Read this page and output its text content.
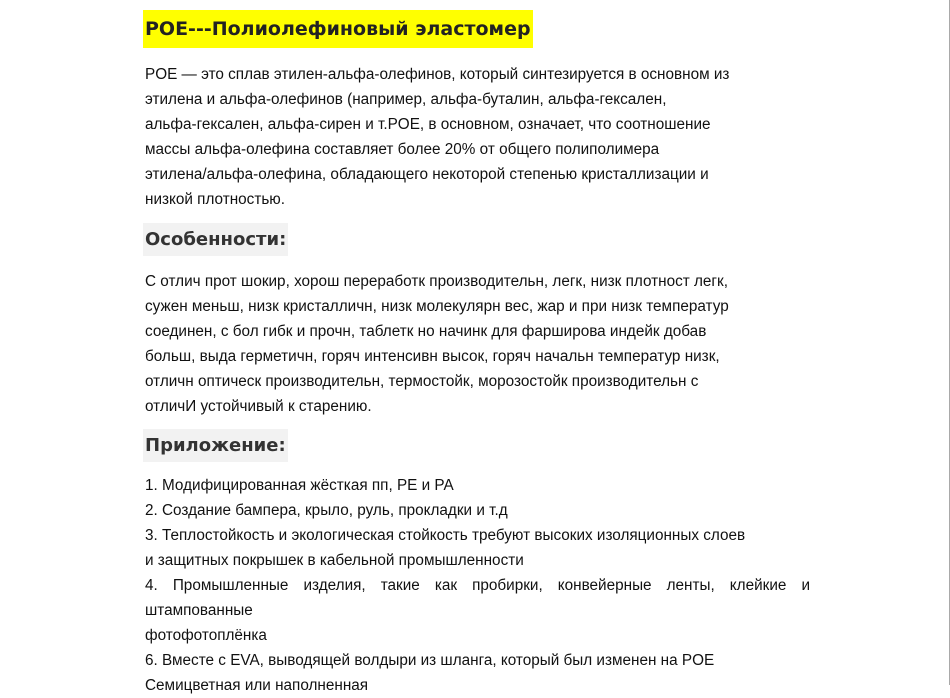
POE---Полиолефиновый эластомер
POE — это сплав этилен-альфа-олефинов, который синтезируется в основном из
этилена и альфа-олефинов (например, альфа-буталин, альфа-гексален,
альфа-гексален, альфа-сирен и т.POE, в основном, означает, что соотношение
массы альфа-олефина составляет более 20% от общего полиполимера
этилена/альфа-олефина, обладающего некоторой степенью кристаллизации и
низкой плотностью.
Особенности:
С отлич прот шокир, хорош переработк производительн, легк, низк плотност легк,
сужен меньш, низк кристалличн, низк молекулярн вес, жар и при низк температур
соединен, с бол гибк и прочн, таблетк но начинк для фарширова индейк добав
больш, выда герметичн, горяч интенсивн высок, горяч начальн температур низк,
отличн оптическ производительн, термостойк, морозостойк производительн с
отличИ устойчивый к старению.
Приложение:
1. Модифицированная жёсткая пп, PE и PA
2. Создание бампера, крыло, руль, прокладки и т.д
3. Теплостойкость и экологическая стойкость требуют высоких изоляционных слоев
и защитных покрышек в кабельной промышленности
4. Промышленные изделия, такие как пробирки, конвейерные ленты, клейкие и
штампованные
фотофотоплёнка
6. Вместе с EVA, выводящей волдыри из шланга, который был изменен на POE
Семицветная или наполненная
